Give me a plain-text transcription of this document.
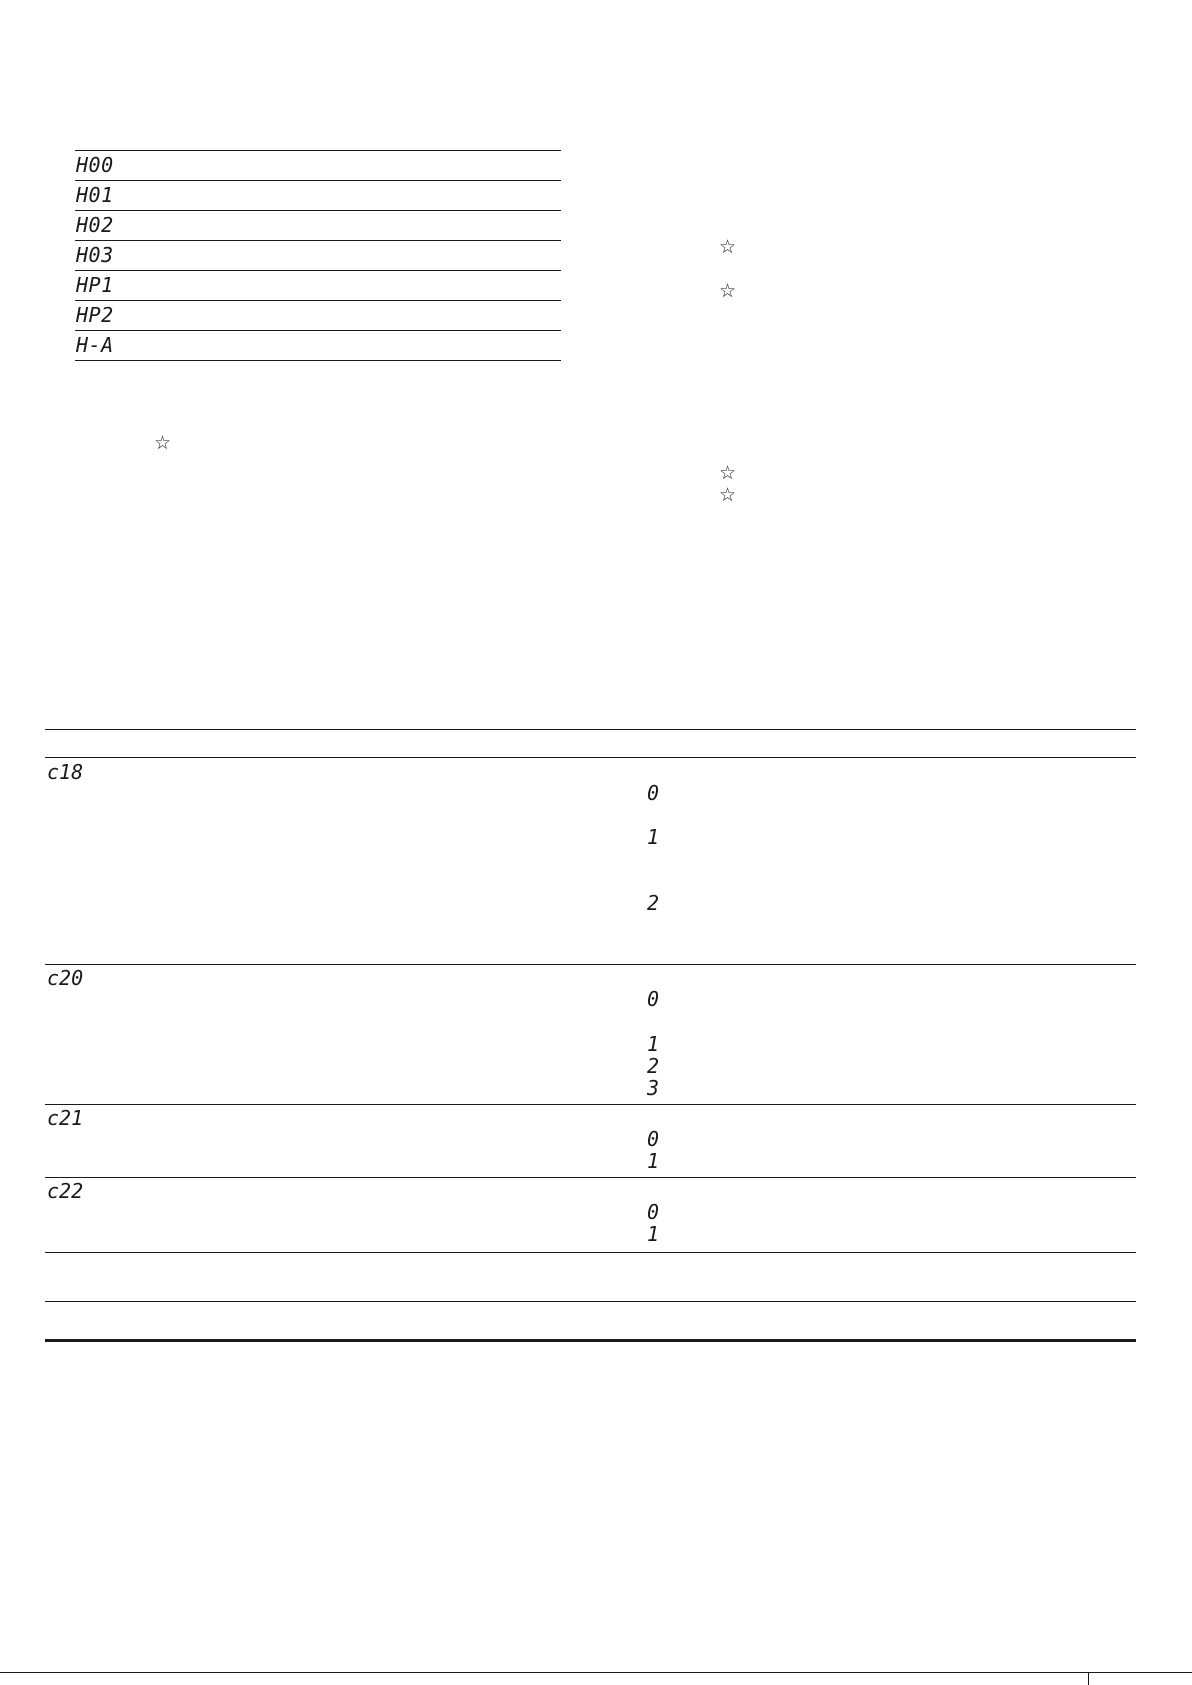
H00
H01
H02
H03
HP1
HP2
H-A
☆
☆
☆
☆
☆
c18
0
1
2
c20
0
1
2
3
c21
0
1
c22
0
1
